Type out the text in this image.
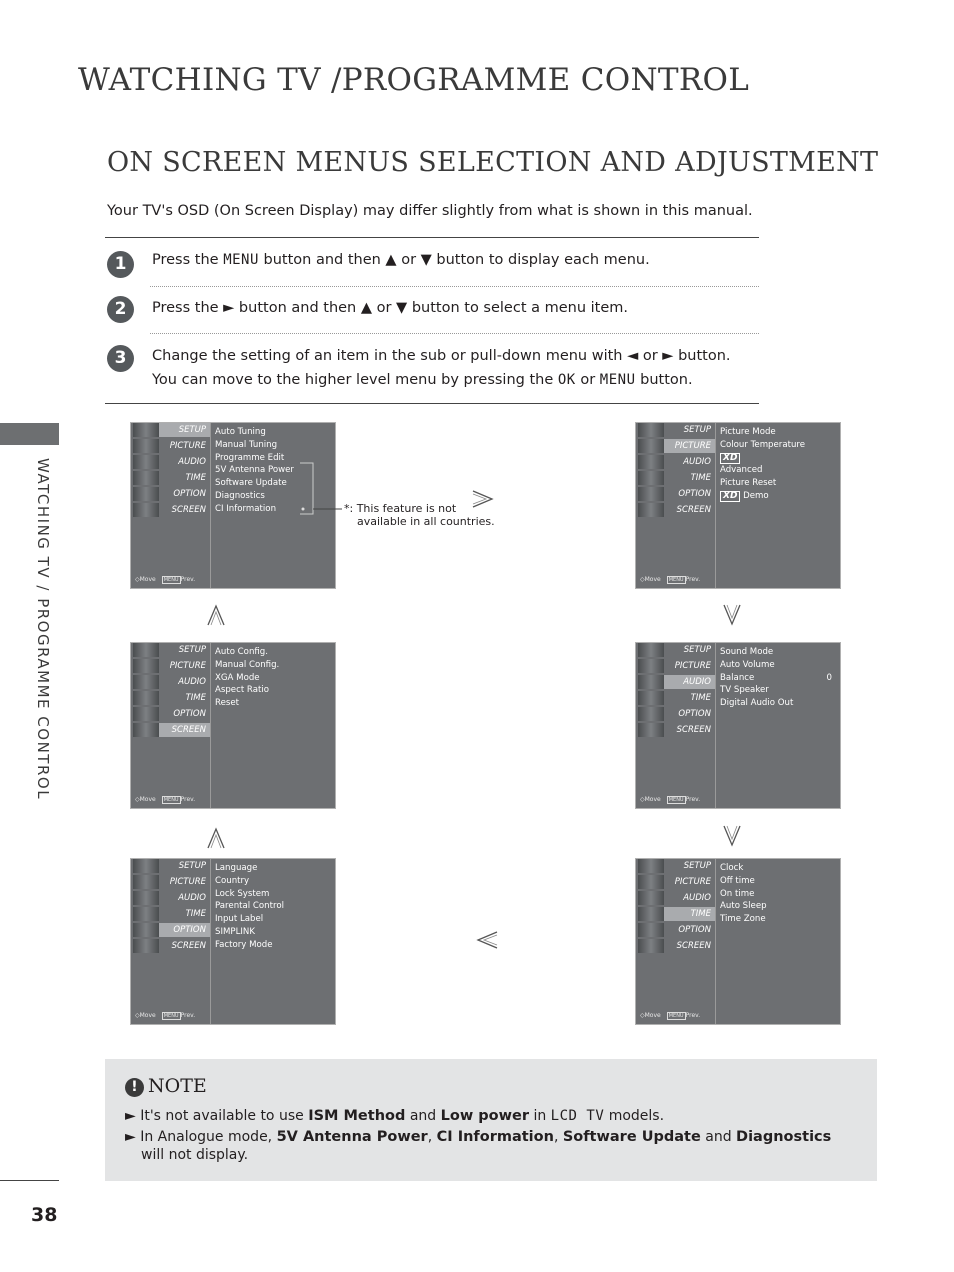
WATCHING TV /PROGRAMME CONTROL
ON SCREEN MENUS SELECTION AND ADJUSTMENT
Your TV's OSD (On Screen Display) may differ slightly from what is shown in this manual.
1	Press the MENU button and then ▲ or ▼ button to display each menu.
2	Press the ► button and then ▲ or ▼ button to select a menu item.
3	Change the setting of an item in the sub or pull-down menu with ◄ or ► button.
You can move to the higher level menu by pressing the OK or MENU button.
WATCHING TV / PROGRAMME CONTROL
SETUP
PICTURE
AUDIO
TIME
OPTION
SCREEN
Auto Tuning
Manual Tuning
Programme Edit
5V Antenna Power
Software Update
Diagnostics
CI Information
◇Move MENU Prev.
*: This feature is not
available in all countries.
SETUP
PICTURE
AUDIO
TIME
OPTION
SCREEN
Picture Mode
Colour Temperature
XD
Advanced
Picture Reset
XD Demo
◇Move MENU Prev.
SETUP
PICTURE
AUDIO
TIME
OPTION
SCREEN
Auto Config.
Manual Config.
XGA Mode
Aspect Ratio
Reset
◇Move MENU Prev.
SETUP
PICTURE
AUDIO
TIME
OPTION
SCREEN
Sound Mode
Auto Volume
Balance	0
TV Speaker
Digital Audio Out
◇Move MENU Prev.
SETUP
PICTURE
AUDIO
TIME
OPTION
SCREEN
Language
Country
Lock System
Parental Control
Input Label
SIMPLINK
Factory Mode
◇Move MENU Prev.
SETUP
PICTURE
AUDIO
TIME
OPTION
SCREEN
Clock
Off time
On time
Auto Sleep
Time Zone
◇Move MENU Prev.
! NOTE
► It's not available to use ISM Method and Low power in LCD TV models.
► In Analogue mode, 5V Antenna Power, CI Information, Software Update and Diagnostics
will not display.
38
